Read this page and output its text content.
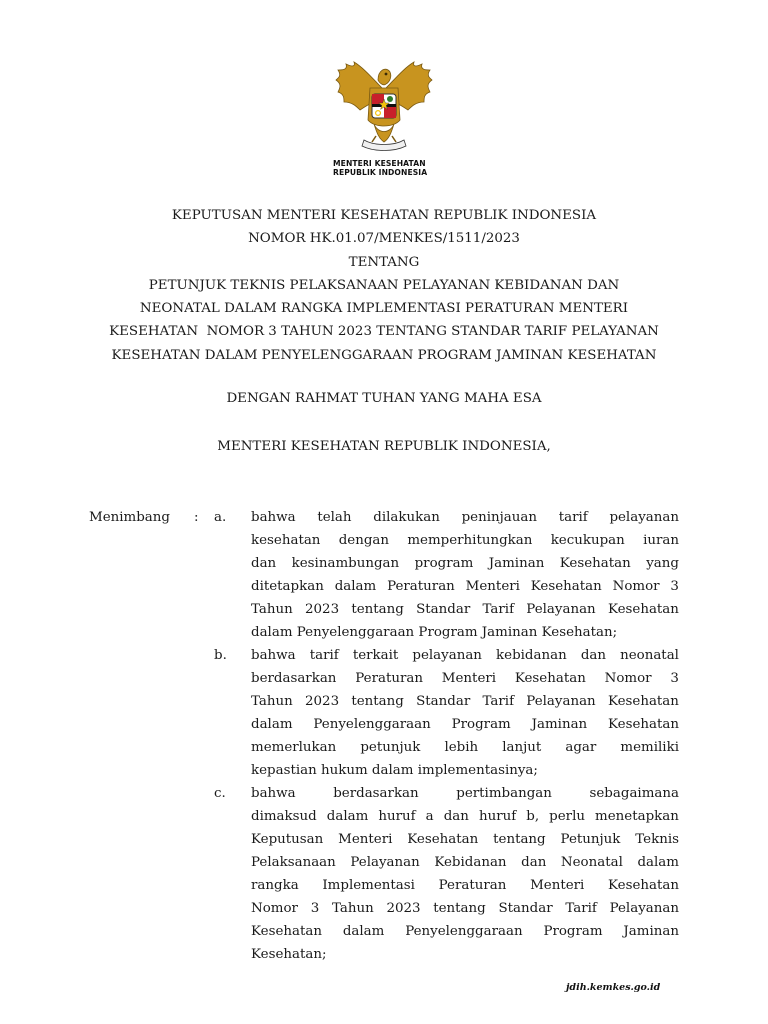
MENTERI KESEHATAN
REPUBLIK INDONESIA
KEPUTUSAN MENTERI KESEHATAN REPUBLIK INDONESIA
NOMOR HK.01.07/MENKES/1511/2023
TENTANG
PETUNJUK TEKNIS PELAKSANAAN PELAYANAN KEBIDANAN DAN
NEONATAL DALAM RANGKA IMPLEMENTASI PERATURAN MENTERI
KESEHATAN  NOMOR 3 TAHUN 2023 TENTANG STANDAR TARIF PELAYANAN
KESEHATAN DALAM PENYELENGGARAAN PROGRAM JAMINAN KESEHATAN
DENGAN RAHMAT TUHAN YANG MAHA ESA
MENTERI KESEHATAN REPUBLIK INDONESIA,
Menimbang : a. bahwa telah dilakukan peninjauan tarif pelayanan
kesehatan dengan memperhitungkan kecukupan iuran
dan kesinambungan program Jaminan Kesehatan yang
ditetapkan dalam Peraturan Menteri Kesehatan Nomor 3
Tahun 2023 tentang Standar Tarif Pelayanan Kesehatan
dalam Penyelenggaraan Program Jaminan Kesehatan;
b. bahwa tarif terkait pelayanan kebidanan dan neonatal
berdasarkan Peraturan Menteri Kesehatan Nomor 3
Tahun 2023 tentang Standar Tarif Pelayanan Kesehatan
dalam Penyelenggaraan Program Jaminan Kesehatan
memerlukan petunjuk lebih lanjut agar memiliki
kepastian hukum dalam implementasinya;
c. bahwa	berdasarkan	pertimbangan	sebagaimana
dimaksud dalam huruf a dan huruf b, perlu menetapkan
Keputusan Menteri Kesehatan tentang Petunjuk Teknis
Pelaksanaan Pelayanan Kebidanan dan Neonatal dalam
rangka Implementasi Peraturan Menteri Kesehatan
Nomor 3 Tahun 2023 tentang Standar Tarif Pelayanan
Kesehatan dalam Penyelenggaraan Program Jaminan
Kesehatan;
jdih.kemkes.go.id
